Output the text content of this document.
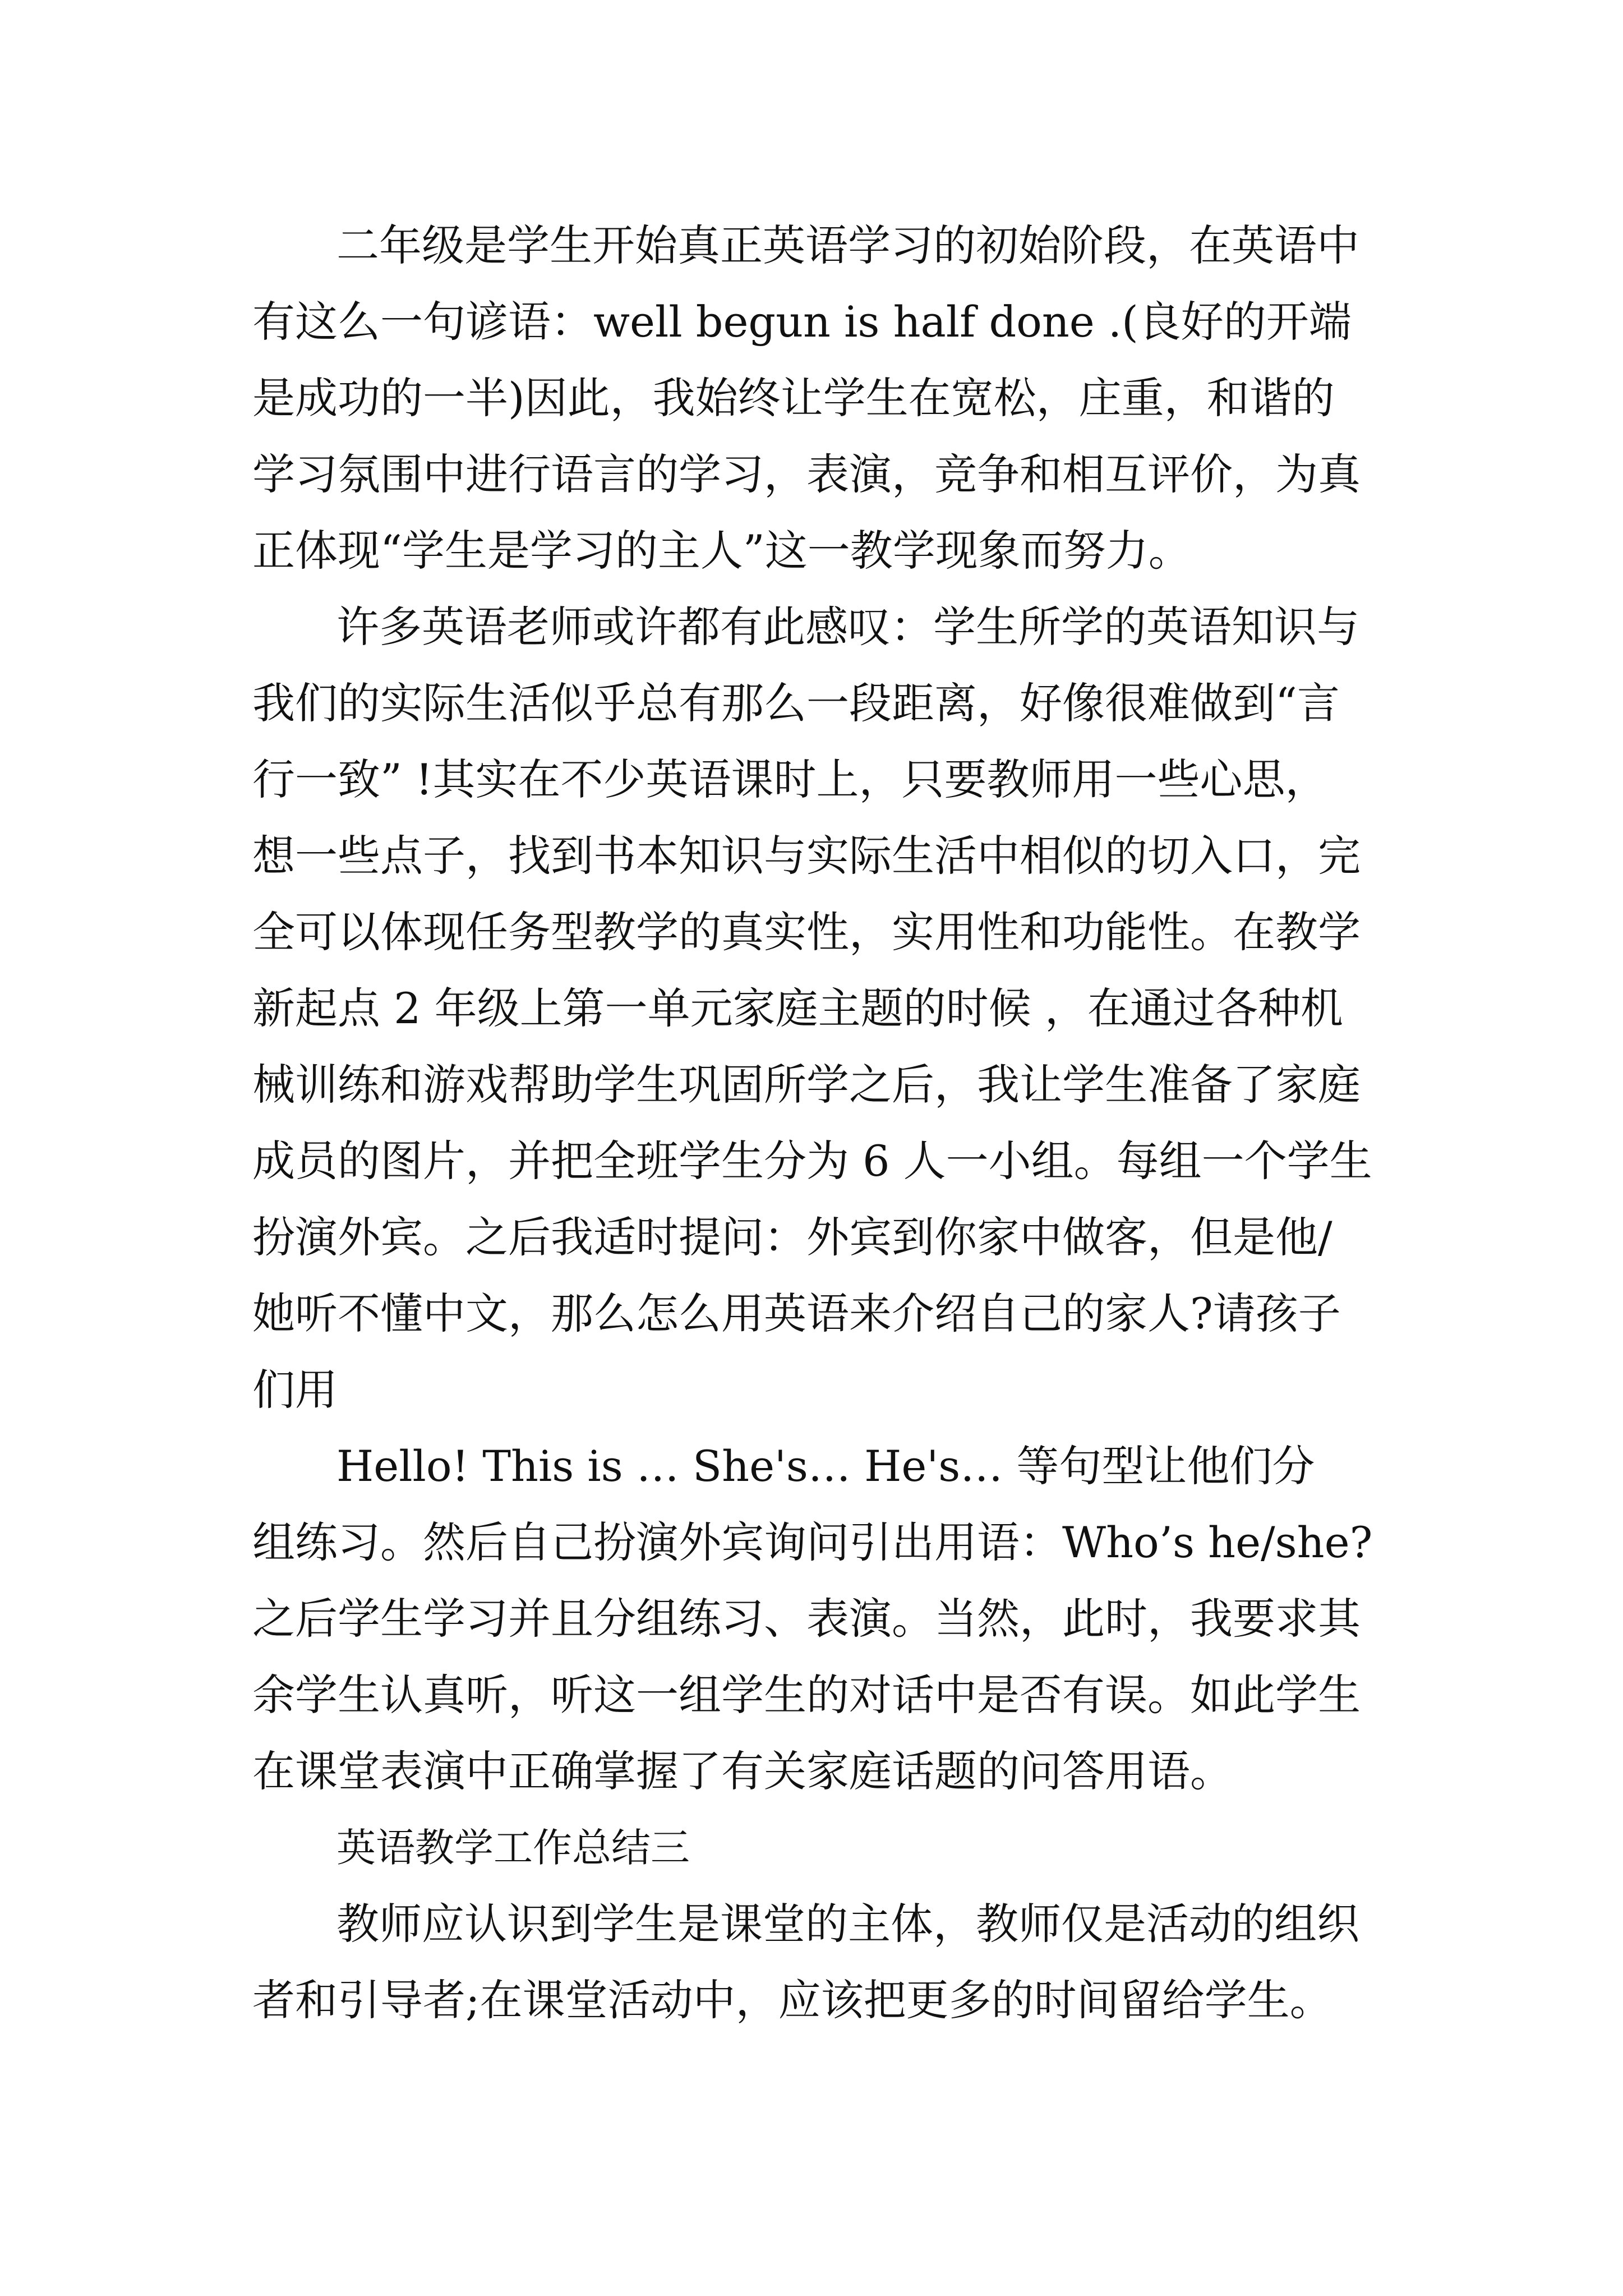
二年级是学生开始真正英语学习的初始阶段，在英语中
有这么一句谚语：well begun is half done .(良好的开端
是成功的一半)因此，我始终让学生在宽松，庄重，和谐的
学习氛围中进行语言的学习，表演，竞争和相互评价，为真
正体现“学生是学习的主人”这一教学现象而努力。
许多英语老师或许都有此感叹：学生所学的英语知识与
我们的实际生活似乎总有那么一段距离，好像很难做到“言
行一致” !其实在不少英语课时上，只要教师用一些心思，
想一些点子，找到书本知识与实际生活中相似的切入口，完
全可以体现任务型教学的真实性，实用性和功能性。在教学
新起点 2 年级上第一单元家庭主题的时候 ，在通过各种机
械训练和游戏帮助学生巩固所学之后，我让学生准备了家庭
成员的图片，并把全班学生分为 6 人一小组。每组一个学生
扮演外宾。之后我适时提问：外宾到你家中做客，但是他/
她听不懂中文，那么怎么用英语来介绍自己的家人?请孩子
们用
Hello! This is … She's… He's… 等句型让他们分
组练习。然后自己扮演外宾询问引出用语：Who’s he/she?
之后学生学习并且分组练习、表演。当然，此时，我要求其
余学生认真听，听这一组学生的对话中是否有误。如此学生
在课堂表演中正确掌握了有关家庭话题的问答用语。
英语教学工作总结三
教师应认识到学生是课堂的主体，教师仅是活动的组织
者和引导者;在课堂活动中，应该把更多的时间留给学生。
